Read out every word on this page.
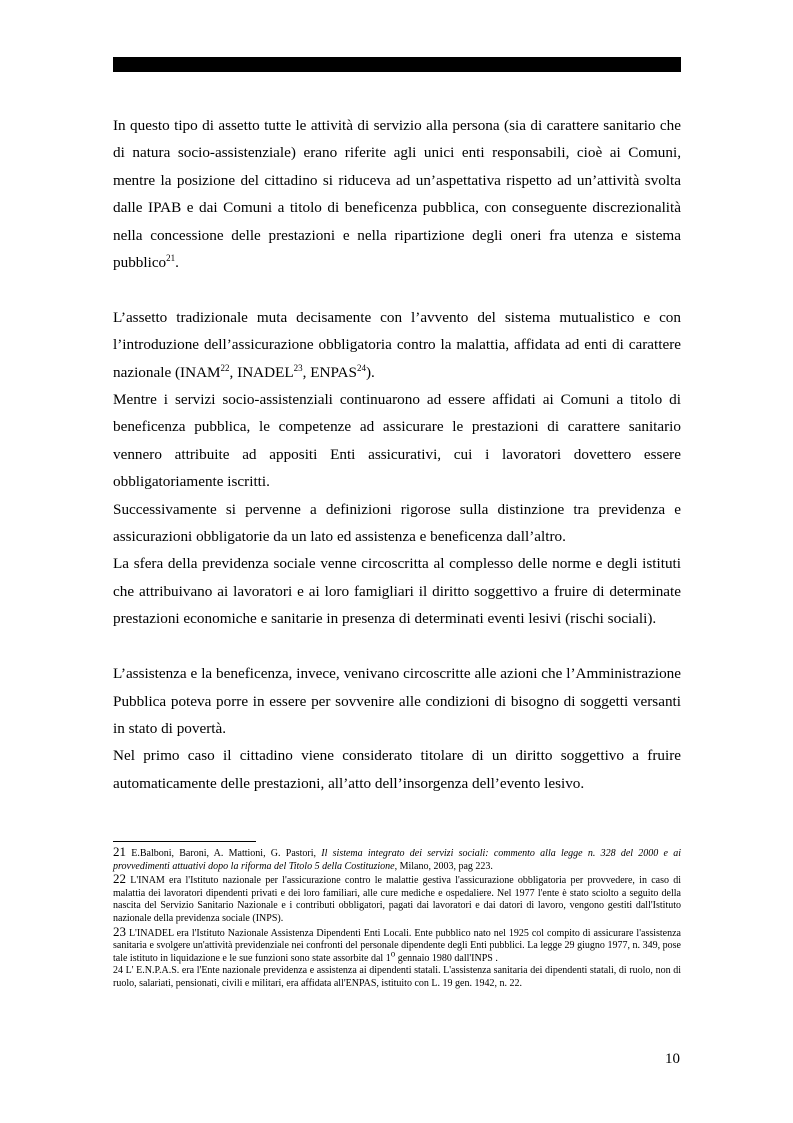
In questo tipo di assetto tutte le attività di servizio alla persona (sia di carattere sanitario che di natura socio-assistenziale) erano riferite agli unici enti responsabili, cioè ai Comuni, mentre la posizione del cittadino si riduceva ad un’aspettativa rispetto ad un’attività svolta dalle IPAB e dai Comuni a titolo di beneficenza pubblica, con conseguente discrezionalità nella concessione delle prestazioni e nella ripartizione degli oneri fra utenza e sistema pubblico$^{21}$.

L’assetto tradizionale muta decisamente con l’avvento del sistema mutualistico e con l’introduzione dell’assicurazione obbligatoria contro la malattia, affidata ad enti di carattere nazionale (INAM$^{22}$, INADEL$^{23}$, ENPAS$^{24}$).

Mentre i servizi socio-assistenziali continuarono ad essere affidati ai Comuni a titolo di beneficenza pubblica, le competenze ad assicurare le prestazioni di carattere sanitario vennero attribuite ad appositi Enti assicurativi, cui i lavoratori dovettero essere obbligatoriamente iscritti.

Successivamente si pervenne a definizioni rigorose sulla distinzione tra previdenza e assicurazioni obbligatorie da un lato ed assistenza e beneficenza dall’altro.

La sfera della previdenza sociale venne circoscritta al complesso delle norme e degli istituti che attribuivano ai lavoratori e ai loro famigliari il diritto soggettivo a fruire di determinate prestazioni economiche e sanitarie in presenza di determinati eventi lesivi (rischi sociali).

L’assistenza e la beneficenza, invece, venivano circoscritte alle azioni che l’Amministrazione Pubblica poteva porre in essere per sovvenire alle condizioni di bisogno di soggetti versanti in stato di povertà.

Nel primo caso il cittadino viene considerato titolare di un diritto soggettivo a fruire automaticamente delle prestazioni, all’atto dell’insorgenza dell’evento lesivo.

21 E.Balboni, Baroni, A. Mattioni, G. Pastori, Il sistema integrato dei servizi sociali: commento alla legge n. 328 del 2000 e ai provvedimenti attuativi dopo la riforma del Titolo 5 della Costituzione, Milano, 2003, pag 223.

22 L'INAM era l'Istituto nazionale per l'assicurazione contro le malattie gestiva l'assicurazione obbligatoria per provvedere, in caso di malattia dei lavoratori dipendenti privati e dei loro familiari, alle cure mediche e ospedaliere. Nel 1977 l'ente è stato sciolto a seguito della nascita del Servizio Sanitario Nazionale e i contributi obbligatori, pagati dai lavoratori e dai datori di lavoro, vengono gestiti dall'Istituto nazionale della previdenza sociale (INPS).

23 L'INADEL era l'Istituto Nazionale Assistenza Dipendenti Enti Locali. Ente pubblico nato nel 1925 col compito di assicurare l'assistenza sanitaria e svolgere un'attività previdenziale nei confronti del personale dipendente degli Enti pubblici. La legge 29 giugno 1977, n. 349, pose tale istituto in liquidazione e le sue funzioni sono state assorbite dal 1$^o$ gennaio 1980 dall'INPS .

24 L' E.N.P.A.S. era l'Ente nazionale previdenza e assistenza ai dipendenti statali. L'assistenza sanitaria dei dipendenti statali, di ruolo, non di ruolo, salariati, pensionati, civili e militari, era affidata all'ENPAS, istituito con L. 19 gen. 1942, n. 22.

10
